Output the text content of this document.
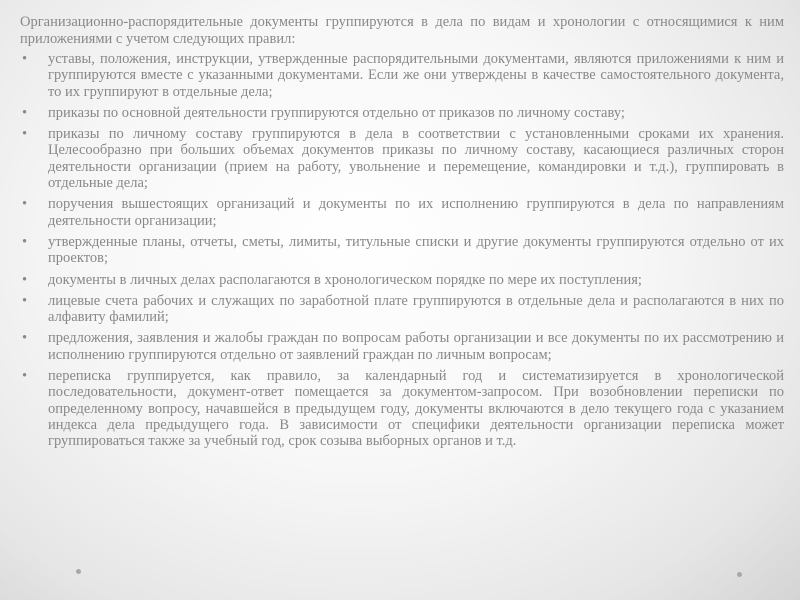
Организационно-распорядительные документы группируются в дела по видам и хронологии с относящимися к ним приложениями с учетом следующих правил:

• уставы, положения, инструкции, утвержденные распорядительными документами, являются приложениями к ним и группируются вместе с указанными документами. Если же они утверждены в качестве самостоятельного документа, то их группируют в отдельные дела;
• приказы по основной деятельности группируются отдельно от приказов по личному составу;
• приказы по личному составу группируются в дела в соответствии с установленными сроками их хранения. Целесообразно при больших объемах документов приказы по личному составу, касающиеся различных сторон деятельности организации (прием на работу, увольнение и перемещение, командировки и т.д.), группировать в отдельные дела;
• поручения вышестоящих организаций и документы по их исполнению группируются в дела по направлениям деятельности организации;
• утвержденные планы, отчеты, сметы, лимиты, титульные списки и другие документы группируются отдельно от их проектов;
• документы в личных делах располагаются в хронологическом порядке по мере их поступления;
• лицевые счета рабочих и служащих по заработной плате группируются в отдельные дела и располагаются в них по алфавиту фамилий;
• предложения, заявления и жалобы граждан по вопросам работы организации и все документы по их рассмотрению и исполнению группируются отдельно от заявлений граждан по личным вопросам;
• переписка группируется, как правило, за календарный год и систематизируется в хронологической последовательности, документ-ответ помещается за документом-запросом. При возобновлении переписки по определенному вопросу, начавшейся в предыдущем году, документы включаются в дело текущего года с указанием индекса дела предыдущего года. В зависимости от специфики деятельности организации переписка может группироваться также за учебный год, срок созыва выборных органов и т.д.
